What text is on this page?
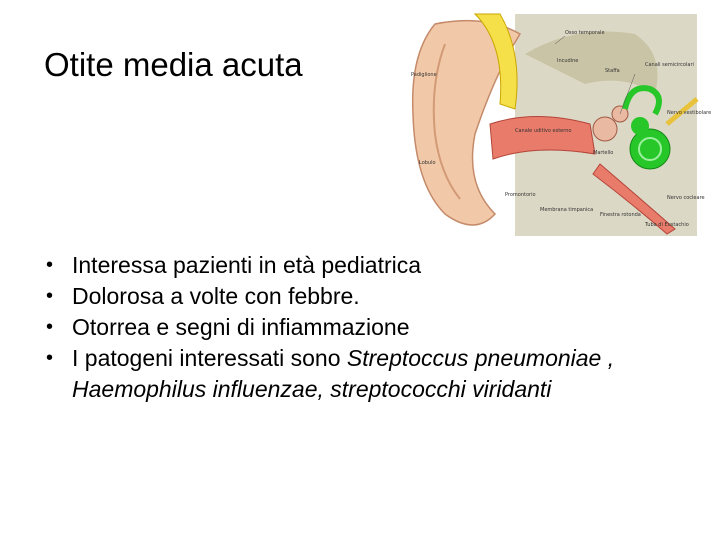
Otite media acuta
Osso temporale
Incudine
Staffa
Canali semicircolari
Padiglione
Canale uditivo esterno
Martello
Nervo vestibolare
Nervo cocleare
Membrana timpanica
Finestra rotonda
Tuba di Eustachio
Lobulo
Promontorio
• Interessa pazienti in età pediatrica
• Dolorosa a volte con febbre.
• Otorrea e segni di infiammazione
• I patogeni interessati sono Streptoccus pneumoniae , Haemophilus influenzae, streptococchi viridanti
